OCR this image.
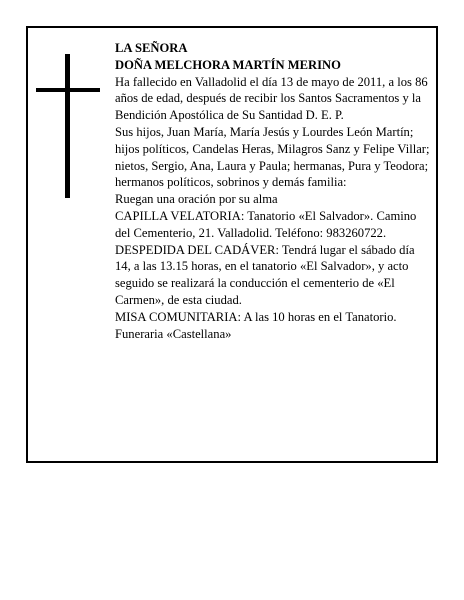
LA SEÑORA

DOÑA MELCHORA MARTÍN MERINO

Ha fallecido en Valladolid el día 13 de mayo de 2011, a los 86 años de edad, después de recibir los Santos Sacramentos y la Bendición Apostólica de Su Santidad D. E. P.

Sus hijos, Juan María, María Jesús y Lourdes León Martín; hijos políticos, Candelas Heras, Milagros Sanz y Felipe Villar; nietos, Sergio, Ana, Laura y Paula; hermanas, Pura y Teodora; hermanos políticos, sobrinos y demás familia:

Ruegan una oración por su alma

CAPILLA VELATORIA: Tanatorio «El Salvador». Camino del Cementerio, 21. Valladolid. Teléfono: 983260722.

DESPEDIDA DEL CADÁVER: Tendrá lugar el sábado día 14, a las 13.15 horas, en el tanatorio «El Salvador», y acto seguido se realizará la conducción el cementerio de «El Carmen», de esta ciudad.

MISA COMUNITARIA: A las 10 horas en el Tanatorio.

Funeraria «Castellana»
